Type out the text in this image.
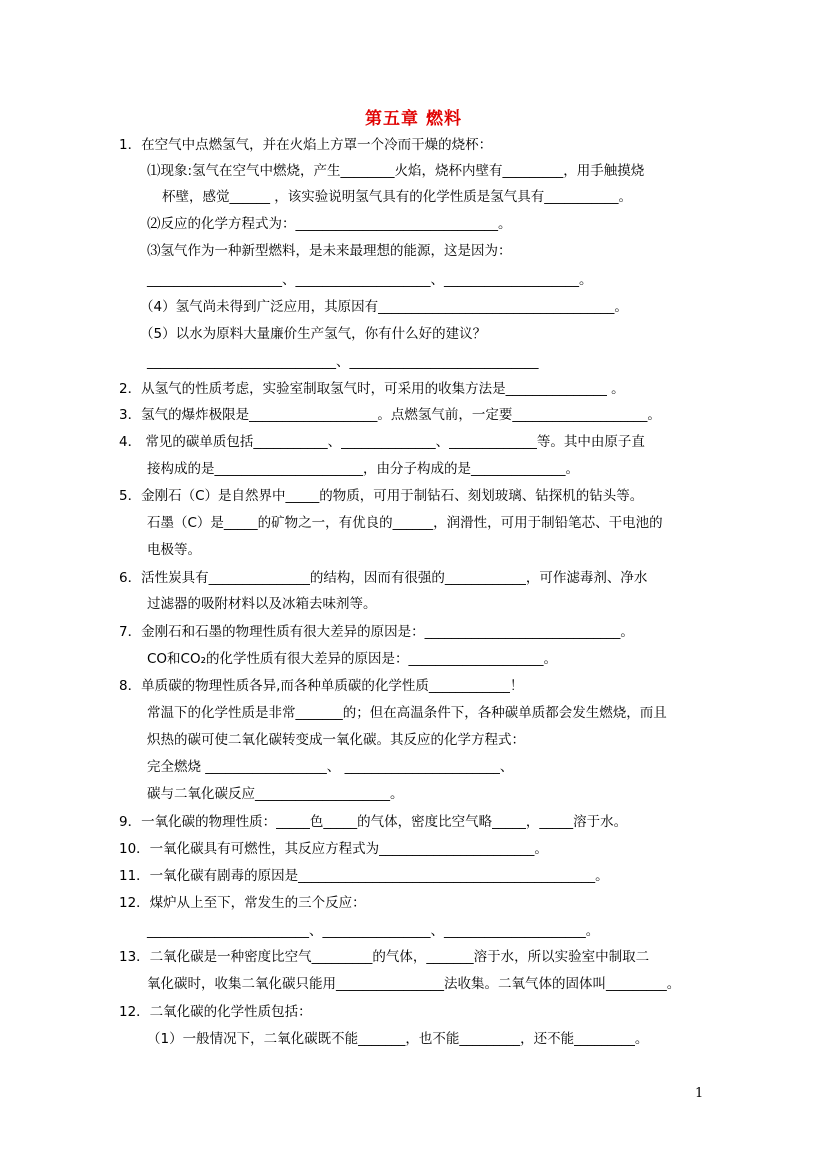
第五章 燃料
1．在空气中点燃氢气，并在火焰上方罩一个冷而干燥的烧杯：
⑴现象:氢气在空气中燃烧，产生________火焰，烧杯内壁有_________，用手触摸烧
杯壁，感觉______ ，该实验说明氢气具有的化学性质是氢气具有___________。
⑵反应的化学方程式为：______________________________。
⑶氢气作为一种新型燃料，是未来最理想的能源，这是因为：
____________________、____________________、____________________。
（4）氢气尚未得到广泛应用，其原因有___________________________________。
（5）以水为原料大量廉价生产氢气，你有什么好的建议？
____________________________、____________________________
2．从氢气的性质考虑，实验室制取氢气时，可采用的收集方法是_______________ 。
3．氢气的爆炸极限是___________________。点燃氢气前，一定要____________________。
4． 常见的碳单质包括___________、______________、_____________等。其中由原子直
接构成的是______________________，由分子构成的是______________。
5．金刚石（C）是自然界中_____的物质，可用于制钻石、刻划玻璃、钻探机的钻头等。
石墨（C）是_____的矿物之一，有优良的______，润滑性，可用于制铅笔芯、干电池的
电极等。
6．活性炭具有_______________的结构，因而有很强的____________，可作滤毒剂、净水
过滤器的吸附材料以及冰箱去味剂等。
7．金刚石和石墨的物理性质有很大差异的原因是：_____________________________。
CO和CO₂的化学性质有很大差异的原因是：____________________。
8．单质碳的物理性质各异,而各种单质碳的化学性质____________！
常温下的化学性质是非常_______的；但在高温条件下，各种碳单质都会发生燃烧，而且
炽热的碳可使二氧化碳转变成一氧化碳。其反应的化学方程式：
完全燃烧 __________________、 _______________________、
碳与二氧化碳反应____________________。
9．一氧化碳的物理性质：_____色_____的气体，密度比空气略_____，_____溶于水。
10．一氧化碳具有可燃性，其反应方程式为_______________________。
11．一氧化碳有剧毒的原因是____________________________________________。
12．煤炉从上至下，常发生的三个反应：
________________________、________________、_____________________。
13．二氧化碳是一种密度比空气_________的气体，_______溶于水，所以实验室中制取二
氧化碳时，收集二氧化碳只能用________________法收集。二氧气体的固体叫_________。
12．二氧化碳的化学性质包括：
（1）一般情况下，二氧化碳既不能_______，也不能_________，还不能_________。
1
